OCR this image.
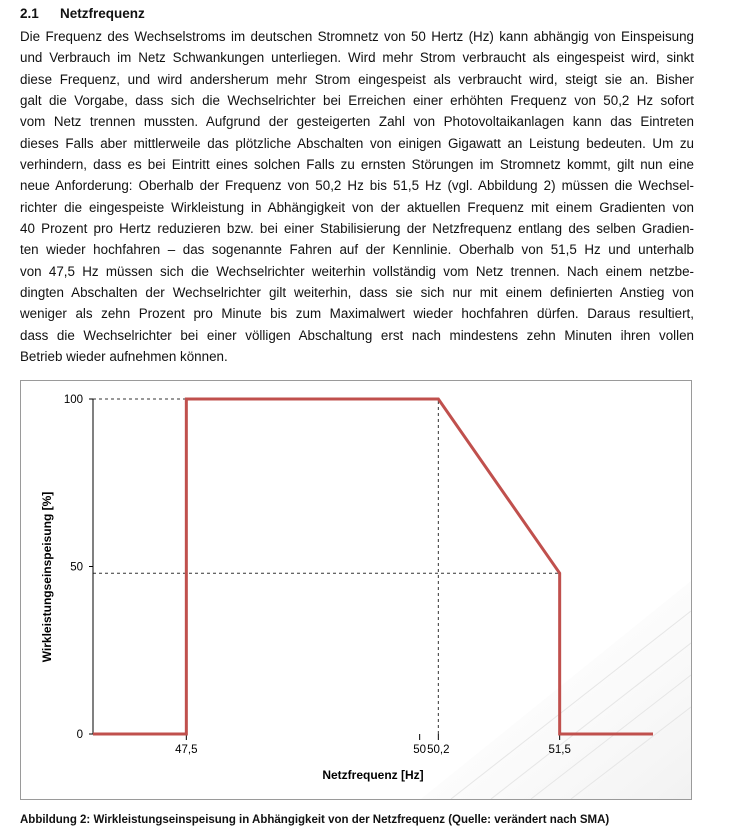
2.1 Netzfrequenz
Die Frequenz des Wechselstroms im deutschen Stromnetz von 50 Hertz (Hz) kann abhängig von Einspeisung
und Verbrauch im Netz Schwankungen unterliegen. Wird mehr Strom verbraucht als eingespeist wird, sinkt
diese Frequenz, und wird andersherum mehr Strom eingespeist als verbraucht wird, steigt sie an. Bisher
galt die Vorgabe, dass sich die Wechselrichter bei Erreichen einer erhöhten Frequenz von 50,2 Hz sofort
vom Netz trennen mussten. Aufgrund der gesteigerten Zahl von Photovoltaikanlagen kann das Eintreten
dieses Falls aber mittlerweile das plötzliche Abschalten von einigen Gigawatt an Leistung bedeuten. Um zu
verhindern, dass es bei Eintritt eines solchen Falls zu ernsten Störungen im Stromnetz kommt, gilt nun eine
neue Anforderung: Oberhalb der Frequenz von 50,2 Hz bis 51,5 Hz (vgl. Abbildung 2) müssen die Wechsel-
richter die eingespeiste Wirkleistung in Abhängigkeit von der aktuellen Frequenz mit einem Gradienten von
40 Prozent pro Hertz reduzieren bzw. bei einer Stabilisierung der Netzfrequenz entlang des selben Gradien-
ten wieder hochfahren – das sogenannte Fahren auf der Kennlinie. Oberhalb von 51,5 Hz und unterhalb
von 47,5 Hz müssen sich die Wechselrichter weiterhin vollständig vom Netz trennen. Nach einem netzbe-
dingten Abschalten der Wechselrichter gilt weiterhin, dass sie sich nur mit einem definierten Anstieg von
weniger als zehn Prozent pro Minute bis zum Maximalwert wieder hochfahren dürfen. Daraus resultiert,
dass die Wechselrichter bei einer völligen Abschaltung erst nach mindestens zehn Minuten ihren vollen
Betrieb wieder aufnehmen können.
0
50
100
47,5	50 50,2	51,5
Netzfrequenz [Hz]
Wirkleistungseinspeisung [%]
Abbildung 2: Wirkleistungseinspeisung in Abhängigkeit von der Netzfrequenz (Quelle: verändert nach SMA)
